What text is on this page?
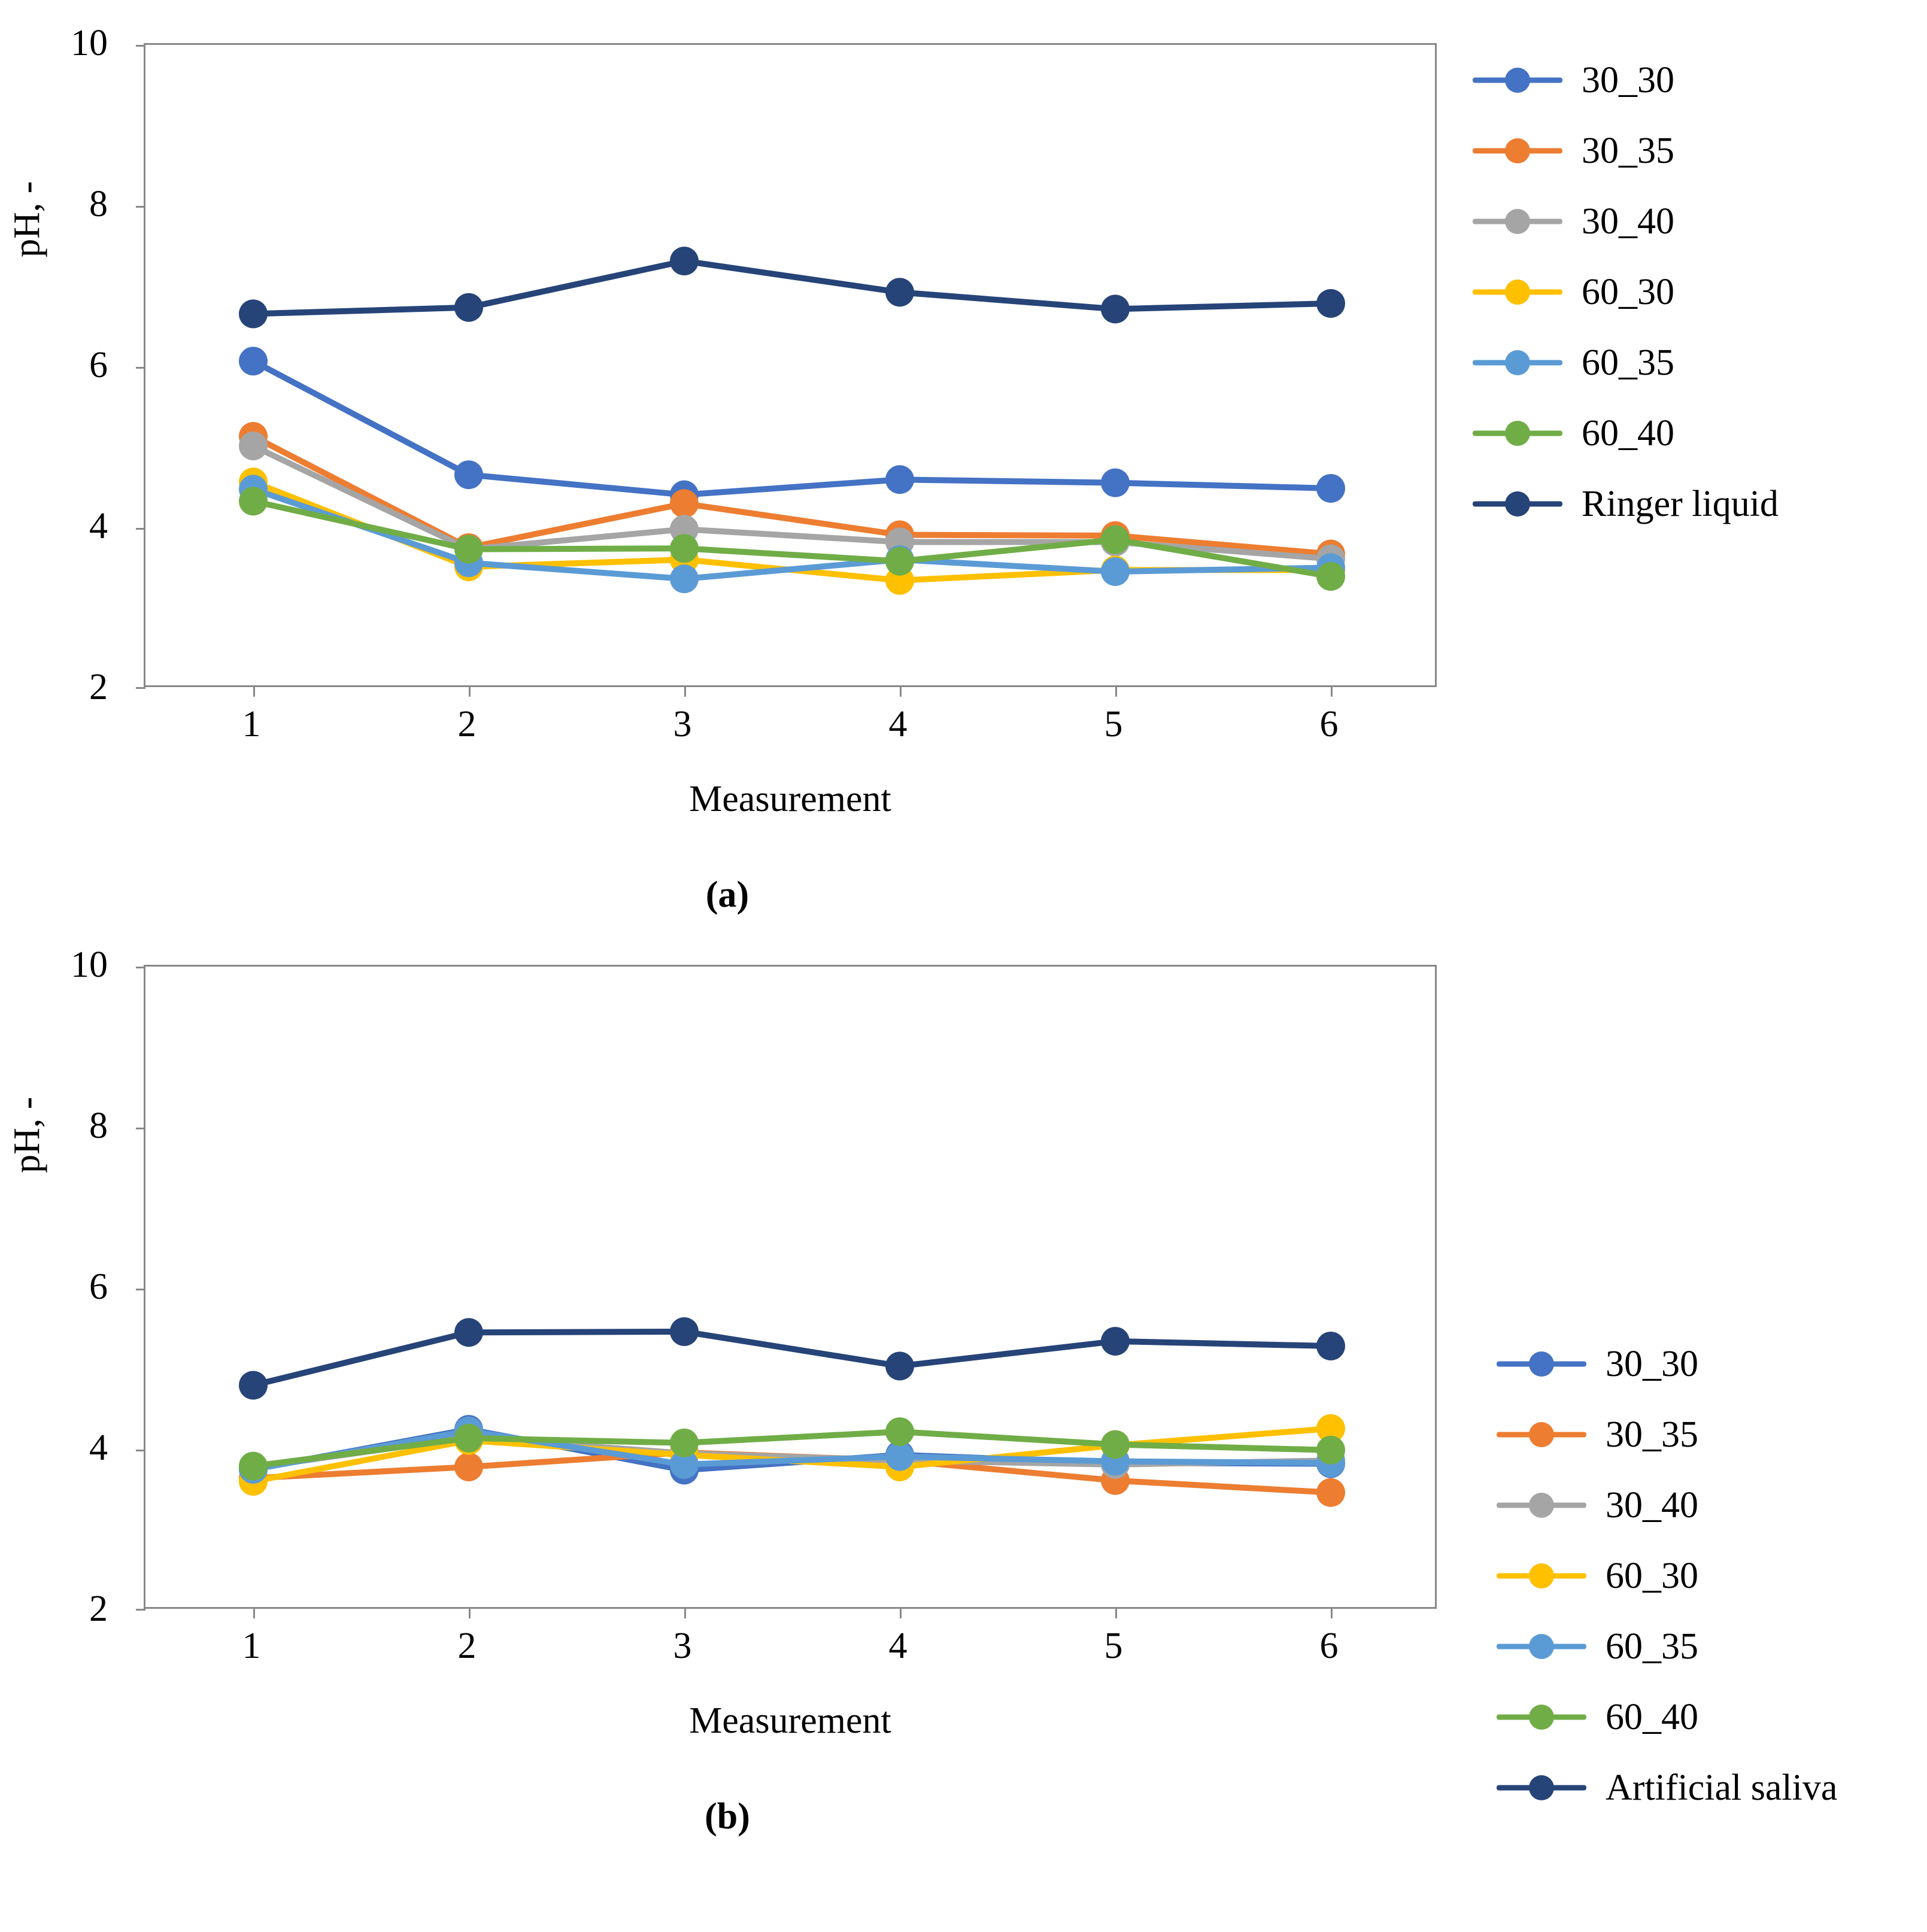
pH, -
10
8
6
4
2
1	2	3	4	5	6
Measurement
30_30
30_35
30_40
60_30
60_35
60_40
Ringer liquid
(a)
pH, -
10
8
6
4
2
1	2	3	4	5	6
Measurement
30_30
30_35
30_40
60_30
60_35
60_40
Artificial saliva
(b)
